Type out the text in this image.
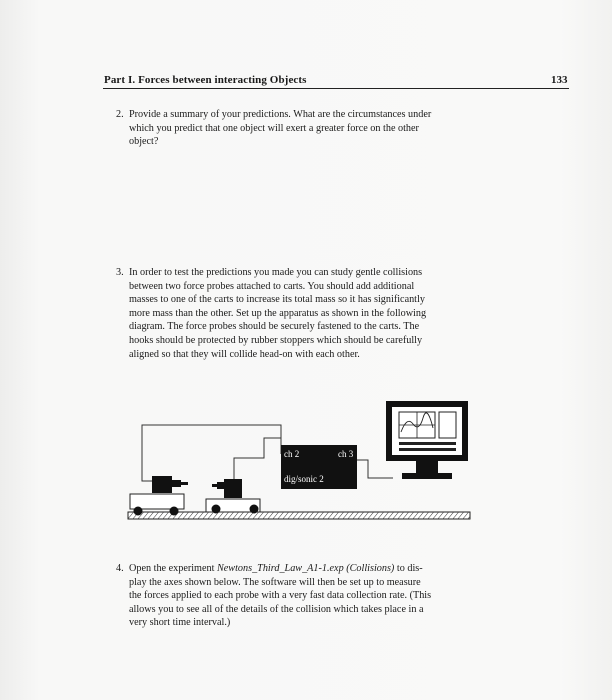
Part I. Forces between interacting Objects	133
2. Provide a summary of your predictions. What are the circumstances under
which you predict that one object will exert a greater force on the other
object?
3. In order to test the predictions you made you can study gentle collisions
between two force probes attached to carts. You should add additional
masses to one of the carts to increase its total mass so it has significantly
more mass than the other. Set up the apparatus as shown in the following
diagram. The force probes should be securely fastened to the carts. The
hooks should be protected by rubber stoppers which should be carefully
aligned so that they will collide head-on with each other.
ch 2	ch 3
dig/sonic 2
4. Open the experiment Newtons_Third_Law_A1-1.exp (Collisions) to dis-
play the axes shown below. The software will then be set up to measure
the forces applied to each probe with a very fast data collection rate. (This
allows you to see all of the details of the collision which takes place in a
very short time interval.)
